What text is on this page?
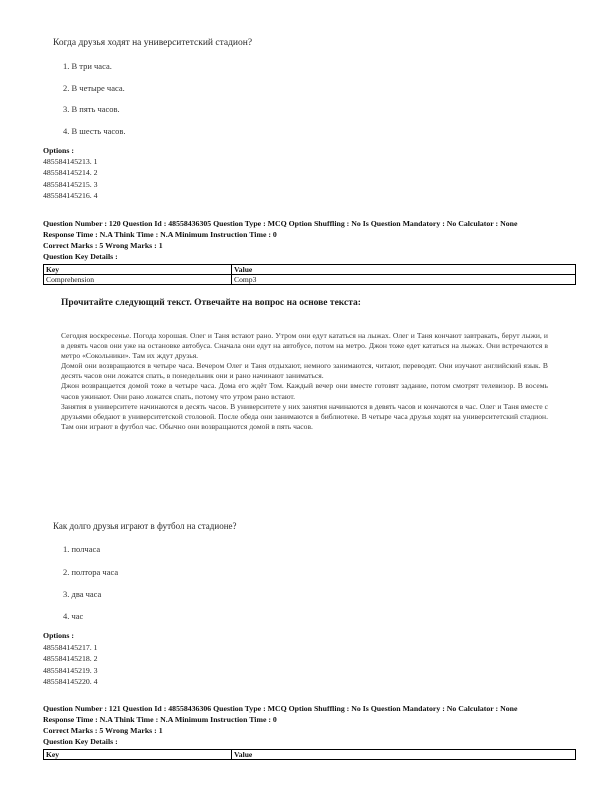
Когда друзья ходят на университетский стадион?
1. В три часа.
2. В четыре часа.
3. В пять часов.
4. В шесть часов.
Options :
485584145213. 1
485584145214. 2
485584145215. 3
485584145216. 4
Question Number : 120 Question Id : 48558436305 Question Type : MCQ Option Shuffling : No Is Question Mandatory : No Calculator : None
Response Time : N.A Think Time : N.A Minimum Instruction Time : 0
Correct Marks : 5 Wrong Marks : 1
Question Key Details :
Key	Value
Comprehension	Comp3
Прочитайте следующий текст. Отвечайте на вопрос на основе текста:

Сегодня воскресенье. Погода хорошая. Олег и Таня встают рано. Утром они едут кататься на лыжах. Олег и Таня кончают завтракать, берут лыжи, и в девять часов они уже на остановке автобуса. Сначала они едут на автобусе, потом на метро. Джон тоже едет кататься на лыжах. Они встречаются в метро «Сокольники». Там их ждут друзья.

Домой они возвращаются в четыре часа. Вечером Олег и Таня отдыхают, немного занимаются, читают, переводят. Они изучают английский язык. В десять часов они ложатся спать, в понедельник они и рано начинают заниматься.

Джон возвращается домой тоже в четыре часа. Дома его ждёт Том. Каждый вечер они вместе готовят задание, потом смотрят телевизор. В восемь часов ужинают. Они рано ложатся спать, потому что утром рано встают.

Занятия в университете начинаются в десять часов. В университете у них занятия начинаются в девять часов и кончаются в час. Олег и Таня вместе с друзьями обедают в университетской столовой. После обеда они занимаются в библиотеке. В четыре часа друзья ходят на университетский стадион. Там они играют в футбол час. Обычно они возвращаются домой в пять часов.

Как долго друзья играют в футбол на стадионе?
1. полчаса
2. полтора часа
3. два часа
4. час
Options :
485584145217. 1
485584145218. 2
485584145219. 3
485584145220. 4
Question Number : 121 Question Id : 48558436306 Question Type : MCQ Option Shuffling : No Is Question Mandatory : No Calculator : None
Response Time : N.A Think Time : N.A Minimum Instruction Time : 0
Correct Marks : 5 Wrong Marks : 1
Question Key Details :
Key	Value
